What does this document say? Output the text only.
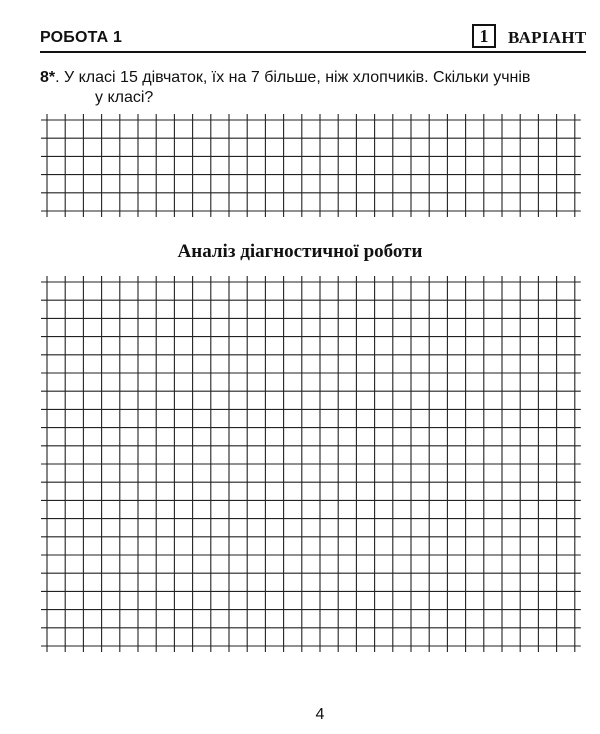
РОБОТА 1	1	ВАРІАНТ
8*. У класі 15 дівчаток, їх на 7 більше, ніж хлопчиків. Скільки учнів
у класі?
Аналіз діагностичної роботи
4
